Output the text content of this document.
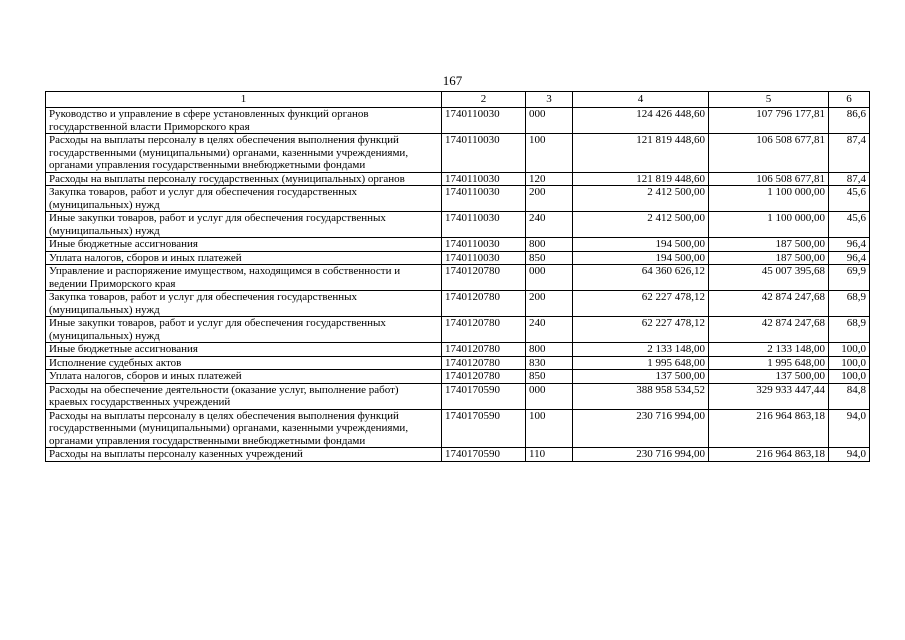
167
1	2	3	4	5	6
Руководство и управление в сфере установленных функций органов государственной власти Приморского края	1740110030	000	124 426 448,60	107 796 177,81	86,6
Расходы на выплаты персоналу в целях обеспечения выполнения функций государственными (муниципальными) органами, казенными учреждениями, органами управления государственными внебюджетными фондами	1740110030	100	121 819 448,60	106 508 677,81	87,4
Расходы на выплаты персоналу государственных (муниципальных) органов	1740110030	120	121 819 448,60	106 508 677,81	87,4
Закупка товаров, работ и услуг для обеспечения государственных (муниципальных) нужд	1740110030	200	2 412 500,00	1 100 000,00	45,6
Иные закупки товаров, работ и услуг для обеспечения государственных (муниципальных) нужд	1740110030	240	2 412 500,00	1 100 000,00	45,6
Иные бюджетные ассигнования	1740110030	800	194 500,00	187 500,00	96,4
Уплата налогов, сборов и иных платежей	1740110030	850	194 500,00	187 500,00	96,4
Управление и распоряжение имуществом, находящимся в собственности и ведении Приморского края	1740120780	000	64 360 626,12	45 007 395,68	69,9
Закупка товаров, работ и услуг для обеспечения государственных (муниципальных) нужд	1740120780	200	62 227 478,12	42 874 247,68	68,9
Иные закупки товаров, работ и услуг для обеспечения государственных (муниципальных) нужд	1740120780	240	62 227 478,12	42 874 247,68	68,9
Иные бюджетные ассигнования	1740120780	800	2 133 148,00	2 133 148,00	100,0
Исполнение судебных актов	1740120780	830	1 995 648,00	1 995 648,00	100,0
Уплата налогов, сборов и иных платежей	1740120780	850	137 500,00	137 500,00	100,0
Расходы на обеспечение деятельности (оказание услуг, выполнение работ) краевых государственных учреждений	1740170590	000	388 958 534,52	329 933 447,44	84,8
Расходы на выплаты персоналу в целях обеспечения выполнения функций государственными (муниципальными) органами, казенными учреждениями, органами управления государственными внебюджетными фондами	1740170590	100	230 716 994,00	216 964 863,18	94,0
Расходы на выплаты персоналу казенных учреждений	1740170590	110	230 716 994,00	216 964 863,18	94,0
